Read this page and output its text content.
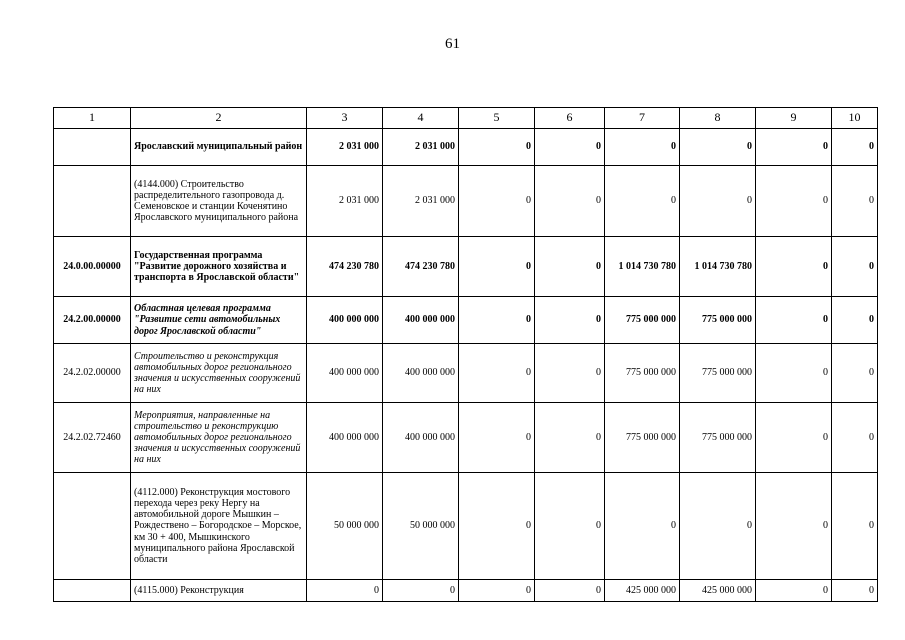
61
1	2	3	4	5	6	7	8	9	10
	Ярославский муниципальный район	2 031 000	2 031 000	0	0	0	0	0	0
	(4144.000) Строительство распределительного газопровода д. Семеновское и станции Коченятино Ярославского муниципального района	2 031 000	2 031 000	0	0	0	0	0	0
24.0.00.00000	Государственная программа "Развитие дорожного хозяйства и транспорта в Ярославской области"	474 230 780	474 230 780	0	0	1 014 730 780	1 014 730 780	0	0
24.2.00.00000	Областная целевая программа "Развитие сети автомобильных дорог Ярославской области"	400 000 000	400 000 000	0	0	775 000 000	775 000 000	0	0
24.2.02.00000	Строительство и реконструкция автомобильных дорог регионального значения и искусственных сооружений на них	400 000 000	400 000 000	0	0	775 000 000	775 000 000	0	0
24.2.02.72460	Мероприятия, направленные на строительство и реконструкцию автомобильных дорог регионального значения и искусственных сооружений на них	400 000 000	400 000 000	0	0	775 000 000	775 000 000	0	0
	(4112.000) Реконструкция мостового перехода через реку Нергу на автомобильной дороге Мышкин – Рождествено – Богородское – Морское, км 30 + 400, Мышкинского муниципального района Ярославской области	50 000 000	50 000 000	0	0	0	0	0	0
	(4115.000) Реконструкция	0	0	0	0	425 000 000	425 000 000	0	0
